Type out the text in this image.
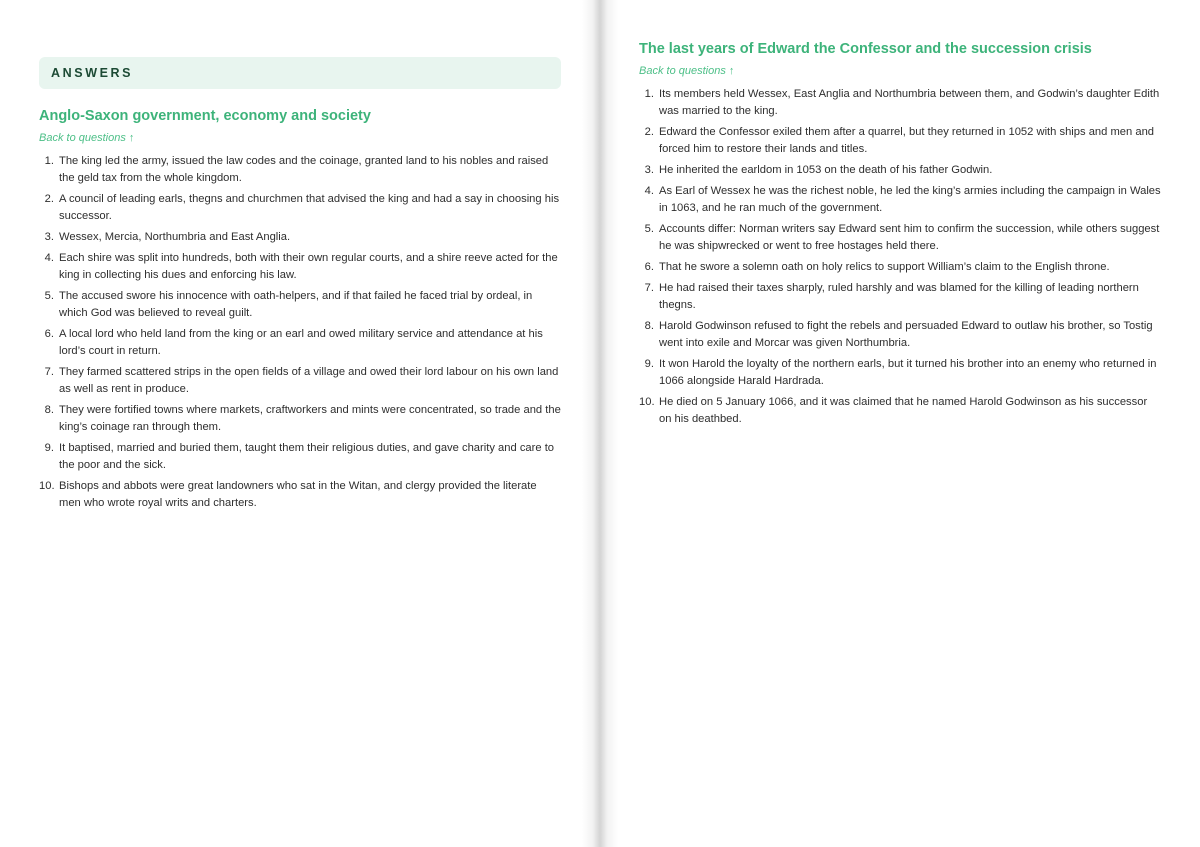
ANSWERS
Anglo-Saxon government, economy and society
Back to questions ↑
1. The king led the army, issued the law codes and the coinage, granted land to his nobles and raised the geld tax from the whole kingdom.
2. A council of leading earls, thegns and churchmen that advised the king and had a say in choosing his successor.
3. Wessex, Mercia, Northumbria and East Anglia.
4. Each shire was split into hundreds, both with their own regular courts, and a shire reeve acted for the king in collecting his dues and enforcing his law.
5. The accused swore his innocence with oath-helpers, and if that failed he faced trial by ordeal, in which God was believed to reveal guilt.
6. A local lord who held land from the king or an earl and owed military service and attendance at his lord’s court in return.
7. They farmed scattered strips in the open fields of a village and owed their lord labour on his own land as well as rent in produce.
8. They were fortified towns where markets, craftworkers and mints were concentrated, so trade and the king’s coinage ran through them.
9. It baptised, married and buried them, taught them their religious duties, and gave charity and care to the poor and the sick.
10. Bishops and abbots were great landowners who sat in the Witan, and clergy provided the literate men who wrote royal writs and charters.
The last years of Edward the Confessor and the succession crisis
Back to questions ↑
1. Its members held Wessex, East Anglia and Northumbria between them, and Godwin’s daughter Edith was married to the king.
2. Edward the Confessor exiled them after a quarrel, but they returned in 1052 with ships and men and forced him to restore their lands and titles.
3. He inherited the earldom in 1053 on the death of his father Godwin.
4. As Earl of Wessex he was the richest noble, he led the king’s armies including the campaign in Wales in 1063, and he ran much of the government.
5. Accounts differ: Norman writers say Edward sent him to confirm the succession, while others suggest he was shipwrecked or went to free hostages held there.
6. That he swore a solemn oath on holy relics to support William’s claim to the English throne.
7. He had raised their taxes sharply, ruled harshly and was blamed for the killing of leading northern thegns.
8. Harold Godwinson refused to fight the rebels and persuaded Edward to outlaw his brother, so Tostig went into exile and Morcar was given Northumbria.
9. It won Harold the loyalty of the northern earls, but it turned his brother into an enemy who returned in 1066 alongside Harald Hardrada.
10. He died on 5 January 1066, and it was claimed that he named Harold Godwinson as his successor on his deathbed.
